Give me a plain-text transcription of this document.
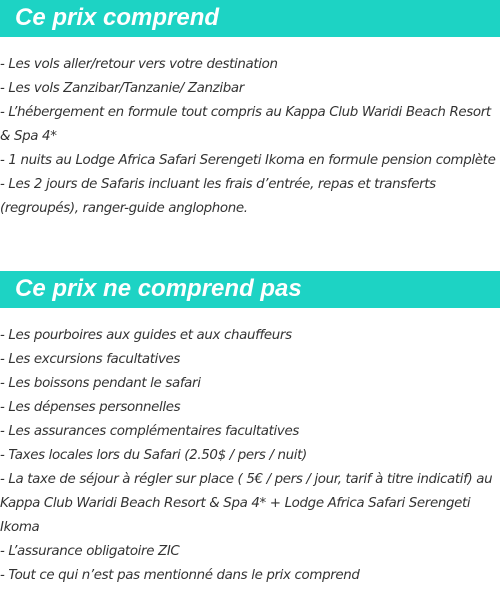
Ce prix comprend
- Les vols aller/retour vers votre destination
- Les vols Zanzibar/Tanzanie/ Zanzibar
- L’hébergement en formule tout compris au Kappa Club Waridi Beach Resort & Spa 4*
- 1 nuits au Lodge Africa Safari Serengeti Ikoma en formule pension complète
- Les 2 jours de Safaris incluant les frais d’entrée, repas et transferts (regroupés), ranger-guide anglophone.
Ce prix ne comprend pas
- Les pourboires aux guides et aux chauffeurs
- Les excursions facultatives
- Les boissons pendant le safari
- Les dépenses personnelles
- Les assurances complémentaires facultatives
- Taxes locales lors du Safari (2.50$ / pers / nuit)
- La taxe de séjour à régler sur place ( 5€ / pers / jour, tarif à titre indicatif) au Kappa Club Waridi Beach Resort & Spa 4* + Lodge Africa Safari Serengeti Ikoma
- L’assurance obligatoire ZIC
- Tout ce qui n’est pas mentionné dans le prix comprend
